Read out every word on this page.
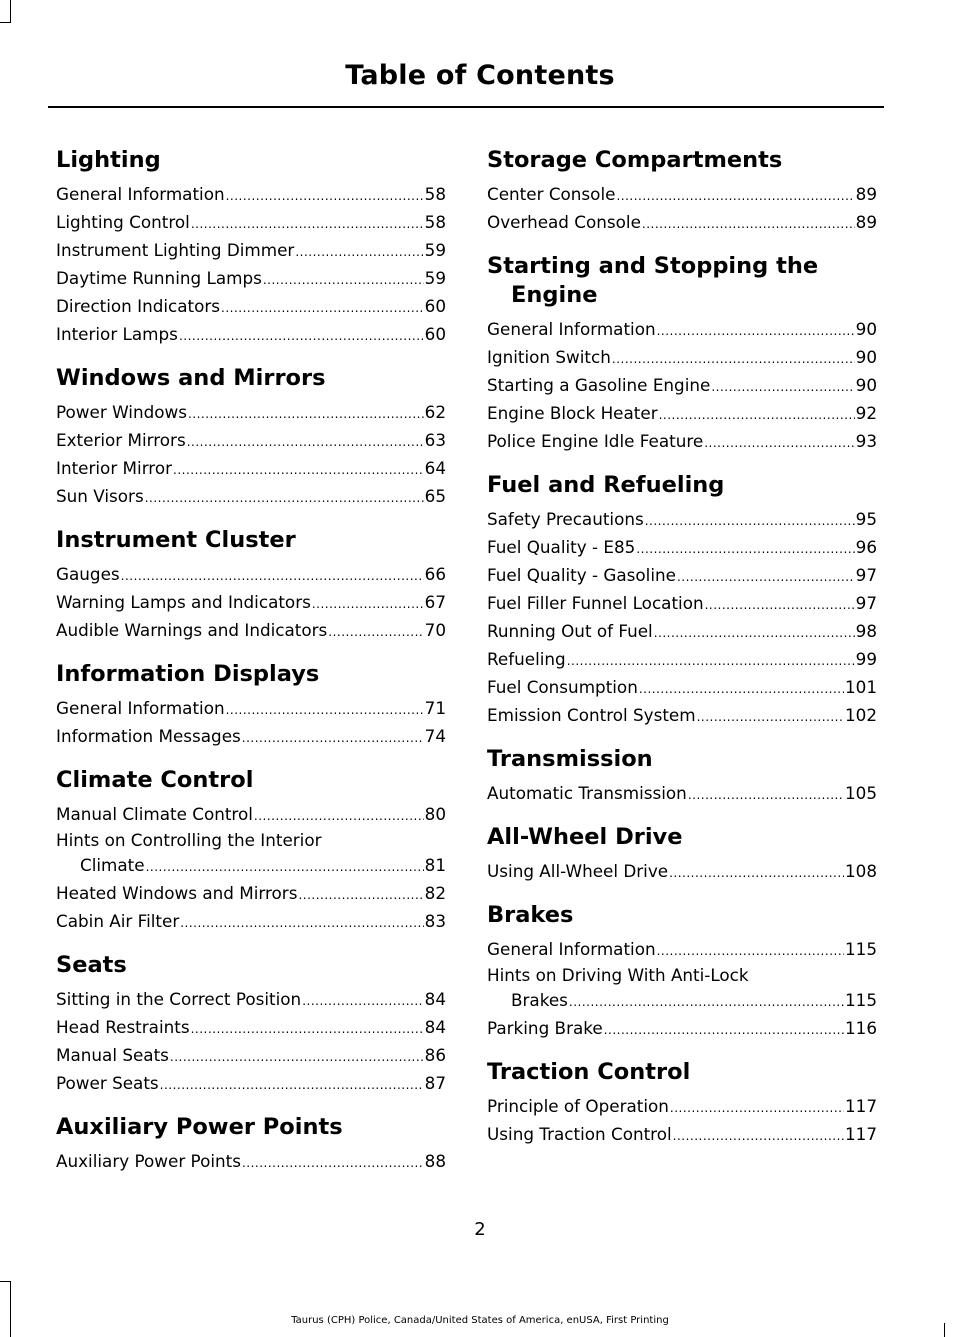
Table of Contents
Lighting
General Information .....	58
Lighting Control .....	58
Instrument Lighting Dimmer .....	59
Daytime Running Lamps .....	59
Direction Indicators .....	60
Interior Lamps .....	60
Windows and Mirrors
Power Windows .....	62
Exterior Mirrors .....	63
Interior Mirror .....	64
Sun Visors .....	65
Instrument Cluster
Gauges .....	66
Warning Lamps and Indicators .....	67
Audible Warnings and Indicators .....	70
Information Displays
General Information .....	71
Information Messages .....	74
Climate Control
Manual Climate Control .....	80
Hints on Controlling the Interior
Climate .....	81
Heated Windows and Mirrors .....	82
Cabin Air Filter .....	83
Seats
Sitting in the Correct Position .....	84
Head Restraints .....	84
Manual Seats .....	86
Power Seats .....	87
Auxiliary Power Points
Auxiliary Power Points .....	88
Storage Compartments
Center Console .....	89
Overhead Console .....	89
Starting and Stopping the
Engine
General Information .....	90
Ignition Switch .....	90
Starting a Gasoline Engine .....	90
Engine Block Heater .....	92
Police Engine Idle Feature .....	93
Fuel and Refueling
Safety Precautions .....	95
Fuel Quality - E85 .....	96
Fuel Quality - Gasoline .....	97
Fuel Filler Funnel Location .....	97
Running Out of Fuel .....	98
Refueling .....	99
Fuel Consumption .....	101
Emission Control System .....	102
Transmission
Automatic Transmission .....	105
All-Wheel Drive
Using All-Wheel Drive .....	108
Brakes
General Information .....	115
Hints on Driving With Anti-Lock
Brakes .....	115
Parking Brake .....	116
Traction Control
Principle of Operation .....	117
Using Traction Control .....	117
2
Taurus (CPH) Police, Canada/United States of America, enUSA, First Printing
